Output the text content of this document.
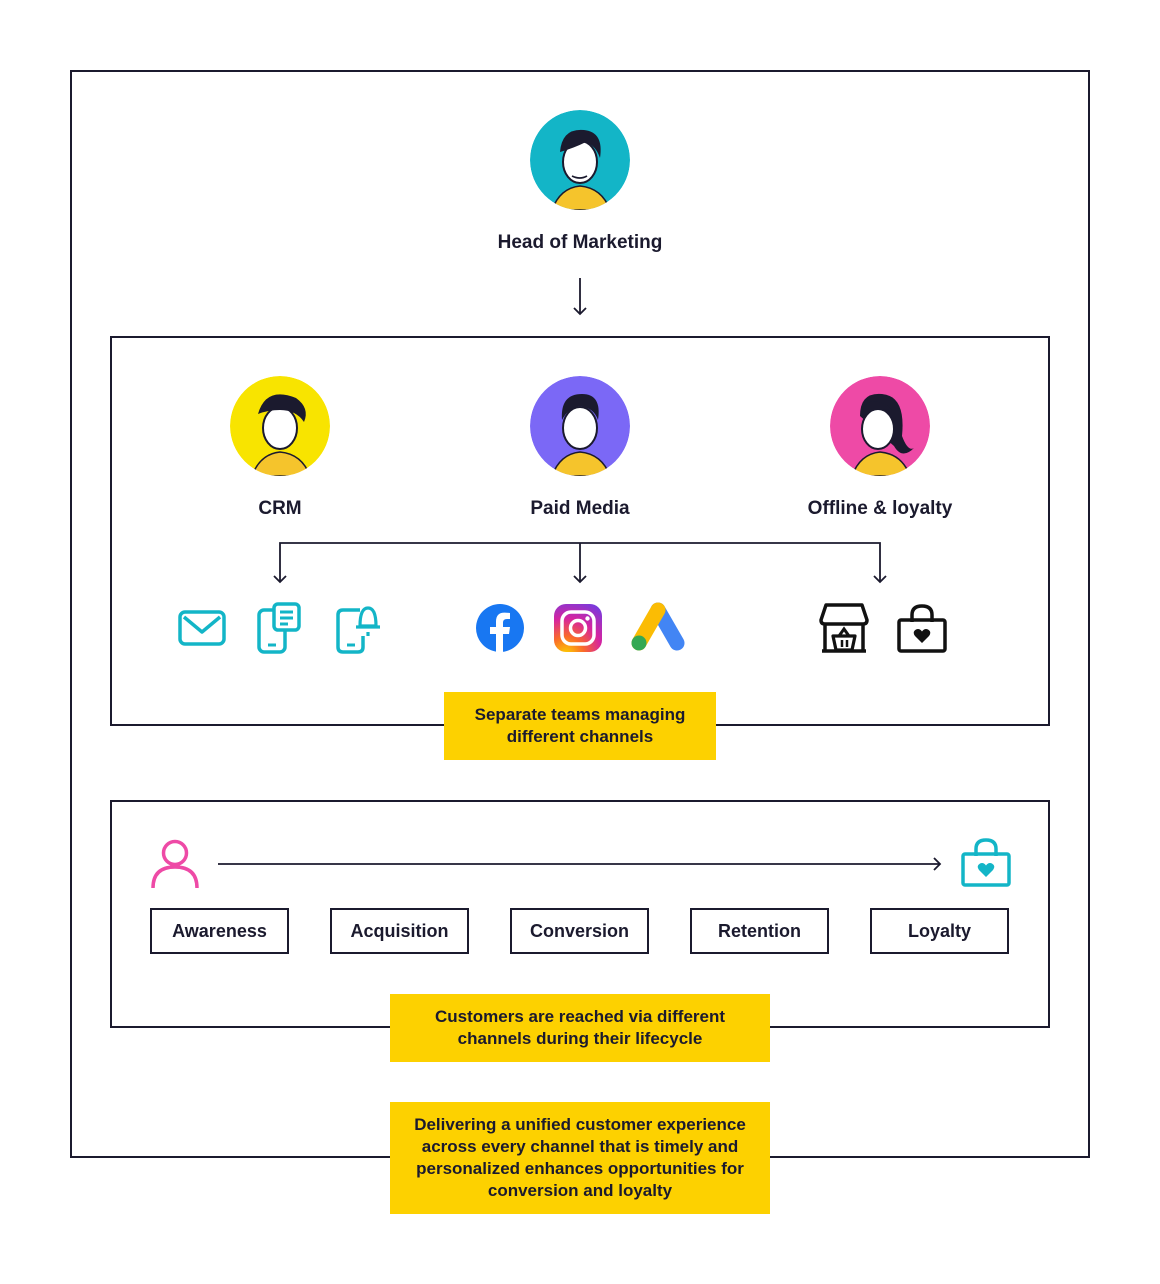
Head of Marketing
CRM	Paid Media	Offline & loyalty
Separate teams managing different channels
Awareness	Acquisition	Conversion	Retention	Loyalty
Customers are reached via different channels during their lifecycle
Delivering a unified customer experience across every channel that is timely and personalized enhances opportunities for conversion and loyalty
